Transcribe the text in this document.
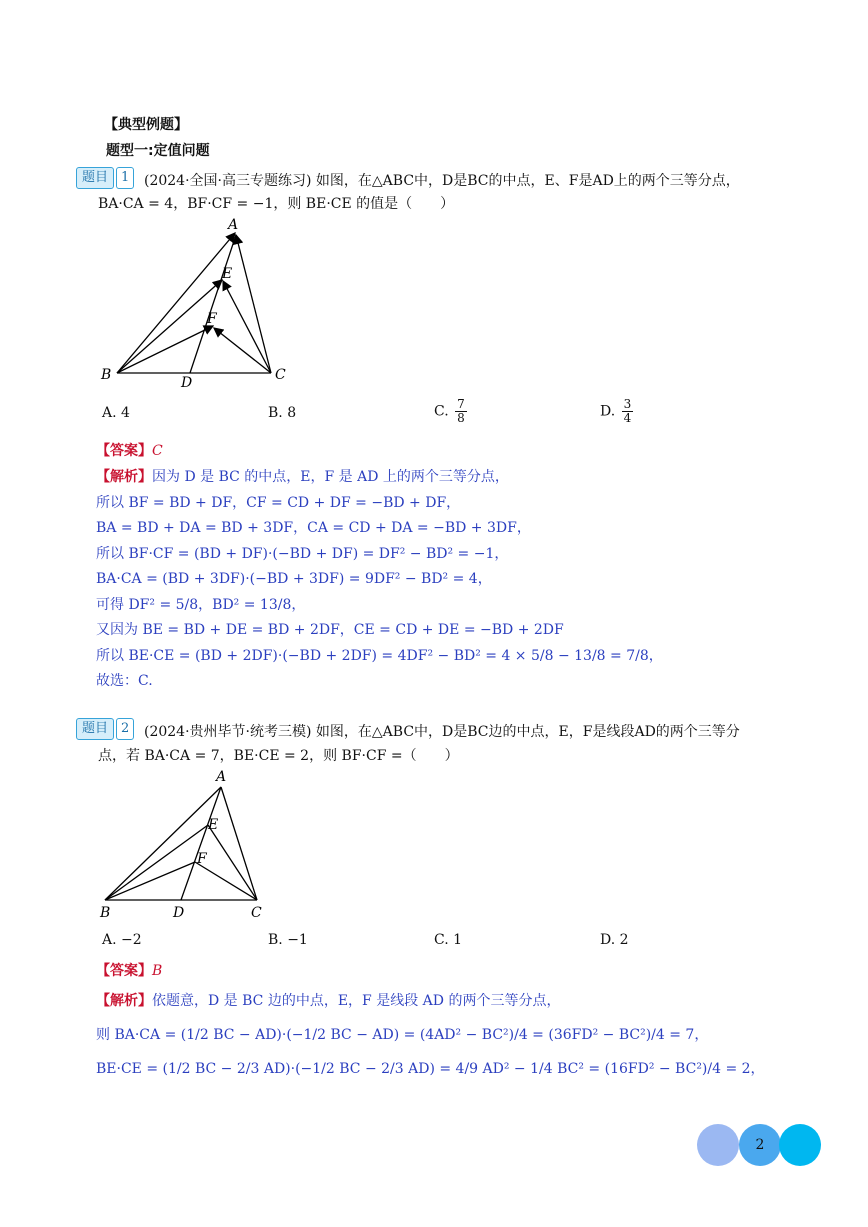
【典型例题】
题型一:定值问题
题目 1	(2024·全国·高三专题练习) 如图，在△ABC中，D是BC的中点，E、F是AD上的两个三等分点，
BA·CA = 4，BF·CF = −1，则 BE·CE 的值是（　　）
A
E
F
B	D	C
A. 4	B. 8	C. $\frac{7}{8}$	D. $\frac{3}{4}$
【答案】C
【解析】因为 D 是 BC 的中点，E，F 是 AD 上的两个三等分点，
所以 BF = BD + DF，CF = CD + DF = −BD + DF，
BA = BD + DA = BD + 3DF，CA = CD + DA = −BD + 3DF，
所以 BF·CF = (BD + DF)·(−BD + DF) = DF² − BD² = −1，
BA·CA = (BD + 3DF)·(−BD + 3DF) = 9DF² − BD² = 4，
可得 DF² = 5/8，BD² = 13/8，
又因为 BE = BD + DE = BD + 2DF，CE = CD + DE = −BD + 2DF
所以 BE·CE = (BD + 2DF)·(−BD + 2DF) = 4DF² − BD² = 4 × 5/8 − 13/8 = 7/8，
故选：C.
题目 2	(2024·贵州毕节·统考三模) 如图，在△ABC中，D是BC边的中点，E，F是线段AD的两个三等分
点，若 BA·CA = 7，BE·CE = 2，则 BF·CF =（　　）
A
E
F
B	D	C
A. −2	B. −1	C. 1	D. 2
【答案】B
【解析】依题意，D 是 BC 边的中点，E，F 是线段 AD 的两个三等分点，
则 BA·CA = (1/2 BC − AD)·(−1/2 BC − AD) = (4AD² − BC²)/4 = (36FD² − BC²)/4 = 7，
BE·CE = (1/2 BC − 2/3 AD)·(−1/2 BC − 2/3 AD) = 4/9 AD² − 1/4 BC² = (16FD² − BC²)/4 = 2，
2
